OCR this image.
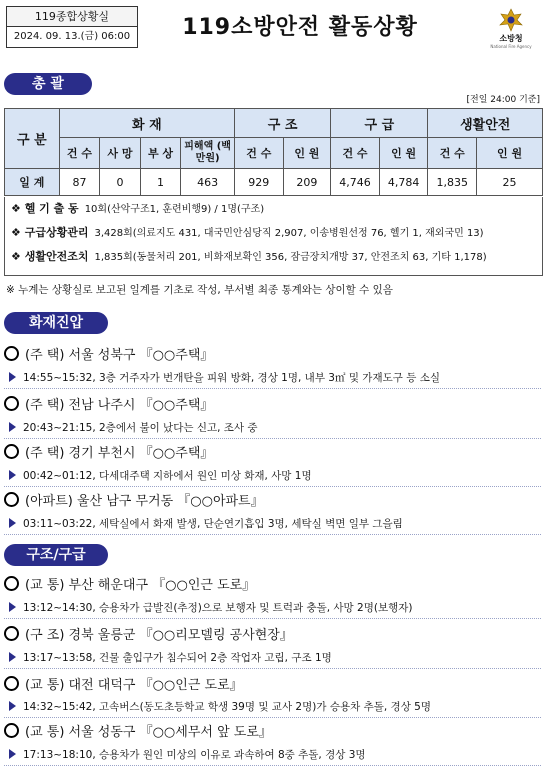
119종합상황실
2024. 09. 13.(금) 06:00	119소방안전 활동상황	소방청
National Fire Agency
총 괄
[전일 24:00 기준]
구 분	화 재				구 조		구 급		생활안전	
	건 수	사 망	부 상	피해액 (백만원)	건 수	인 원	건 수	인 원	건 수	인 원
일 계	87	0	1	463	929	209	4,746	4,784	1,835	25
❖ 헬 기 출 동 10회(산악구조1, 훈련비행9) / 1명(구조)
❖ 구급상황관리 3,428회(의료지도 431, 대국민안심당직 2,907, 이송병원선정 76, 헬기 1, 재외국민 13)
❖ 생활안전조치 1,835회(동물처리 201, 비화재보확인 356, 잠금장치개방 37, 안전조치 63, 기타 1,178)
※ 누계는 상황실로 보고된 일계를 기초로 작성, 부서별 최종 통계와는 상이할 수 있음
화재진압
(주 택) 서울 성북구 『○○주택』
14:55~15:32, 3층 거주자가 번개탄을 피워 방화, 경상 1명, 내부 3㎡ 및 가재도구 등 소실
(주 택) 전남 나주시 『○○주택』
20:43~21:15, 2층에서 불이 났다는 신고, 조사 중
(주 택) 경기 부천시 『○○주택』
00:42~01:12, 다세대주택 지하에서 원인 미상 화재, 사망 1명
(아파트) 울산 남구 무거동 『○○아파트』
03:11~03:22, 세탁실에서 화재 발생, 단순연기흡입 3명, 세탁실 벽면 일부 그을림
구조/구급
(교 통) 부산 해운대구 『○○인근 도로』
13:12~14:30, 승용차가 급발진(추정)으로 보행자 및 트럭과 충돌, 사망 2명(보행자)
(구 조) 경북 울릉군 『○○리모델링 공사현장』
13:17~13:58, 건물 출입구가 침수되어 2층 작업자 고립, 구조 1명
(교 통) 대전 대덕구 『○○인근 도로』
14:32~15:42, 고속버스(동도초등학교 학생 39명 및 교사 2명)가 승용차 추돌, 경상 5명
(교 통) 서울 성동구 『○○세무서 앞 도로』
17:13~18:10, 승용차가 원인 미상의 이유로 과속하여 8중 추돌, 경상 3명
